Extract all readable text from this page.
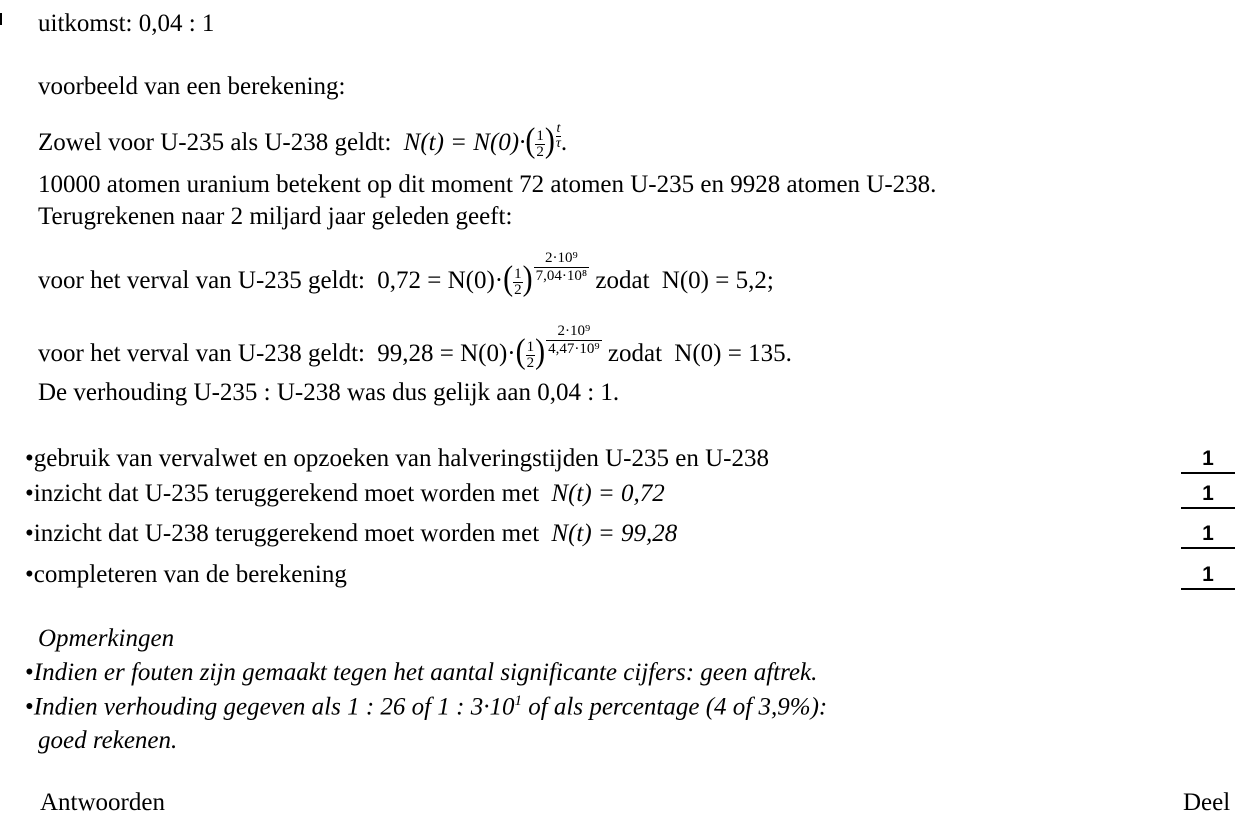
uitkomst: 0,04 : 1
voorbeeld van een berekening:
Zowel voor U-235 als U-238 geldt: $N(t) = N(0)\cdot( \frac{1}{2}$ ) $\frac{t}{\tau}$ .
10000 atomen uranium betekent op dit moment 72 atomen U-235 en 9928 atomen U-238.
Terugrekenen naar 2 miljard jaar geleden geeft:
voor het verval van U-235 geldt: $0,72 = N(0)\cdot( \frac{1}{2}$ ) $\frac{\text{2·10⁹}}{\text{7,04·10⁸}}$ zodat N(0) = 5,2;
voor het verval van U-238 geldt: $99,28 = N(0)\cdot( \frac{1}{2}$ ) $\frac{\text{2·10⁹}}{\text{4,47·10⁹}}$ zodat N(0) = 135.
De verhouding U-235 : U-238 was dus gelijk aan 0,04 : 1.
•gebruik van vervalwet en opzoeken van halveringstijden U-235 en U-238	1
•inzicht dat U-235 teruggerekend moet worden met N(t) = 0,72	1
•inzicht dat U-238 teruggerekend moet worden met N(t) = 99,28	1
•completeren van de berekening	1
Opmerkingen
•Indien er fouten zijn gemaakt tegen het aantal significante cijfers: geen aftrek.
•Indien verhouding gegeven als 1 : 26 of 1 : $3\cdot 10^1$ of als percentage (4 of 3,9%):
goed rekenen.
Antwoorden	Deel
